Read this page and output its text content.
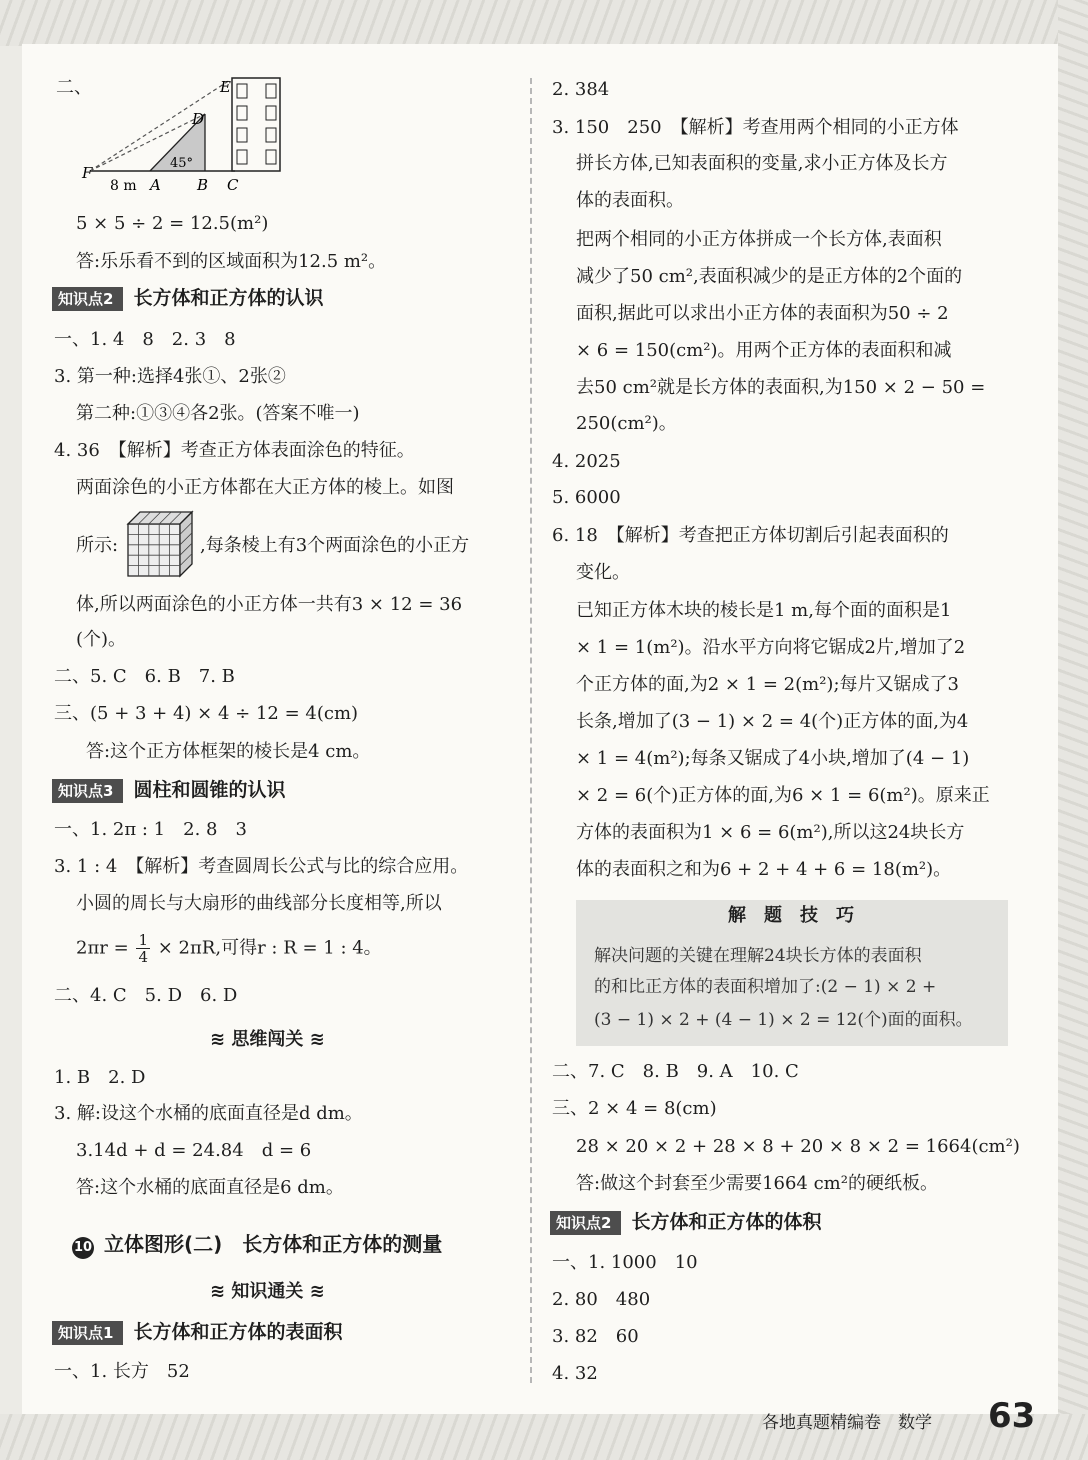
二、	E
D
F
A B C
8 m
45°
5 × 5 ÷ 2 = 12.5(m²)
答:乐乐看不到的区域面积为12.5 m²。
知识点2 长方体和正方体的认识
一、1. 4　8　2. 3　8
3. 第一种:选择4张①、2张②
第二种:①③④各2张。(答案不唯一)
4. 36　【解析】考查正方体表面涂色的特征。
两面涂色的小正方体都在大正方体的棱上。如图
所示:	,每条棱上有3个两面涂色的小正方
体,所以两面涂色的小正方体一共有3 × 12 = 36
(个)。
二、5. C　6. B　7. B
三、(5 + 3 + 4) × 4 ÷ 12 = 4(cm)
答:这个正方体框架的棱长是4 cm。
知识点3 圆柱和圆锥的认识
一、1. 2π : 1　2. 8　3
3. 1 : 4　【解析】考查圆周长公式与比的综合应用。
小圆的周长与大扇形的曲线部分长度相等,所以
$2\pi r = \frac{1}{4} \times 2\pi R$,可得r : R = 1 : 4。
二、4. C　5. D　6. D
≋ 思维闯关 ≋
1. B　2. D
3. 解:设这个水桶的底面直径是d dm。
3.14d + d = 24.84　d = 6
答:这个水桶的底面直径是6 dm。
10 立体图形(二)　长方体和正方体的测量
≋ 知识通关 ≋
知识点1 长方体和正方体的表面积
一、1. 长方　52
2. 384
3. 150　250　【解析】考查用两个相同的小正方体
拼长方体,已知表面积的变量,求小正方体及长方
体的表面积。
把两个相同的小正方体拼成一个长方体,表面积
减少了50 cm²,表面积减少的是正方体的2个面的
面积,据此可以求出小正方体的表面积为50 ÷ 2
× 6 = 150(cm²)。用两个正方体的表面积和减
去50 cm²就是长方体的表面积,为150 × 2 − 50 =
250(cm²)。
4. 2025
5. 6000
6. 18　【解析】考查把正方体切割后引起表面积的
变化。
已知正方体木块的棱长是1 m,每个面的面积是1
× 1 = 1(m²)。沿水平方向将它锯成2片,增加了2
个正方体的面,为2 × 1 = 2(m²);每片又锯成了3
长条,增加了(3 − 1) × 2 = 4(个)正方体的面,为4
× 1 = 4(m²);每条又锯成了4小块,增加了(4 − 1)
× 2 = 6(个)正方体的面,为6 × 1 = 6(m²)。原来正
方体的表面积为1 × 6 = 6(m²),所以这24块长方
体的表面积之和为6 + 2 + 4 + 6 = 18(m²)。
解　题　技　巧
解决问题的关键在理解24块长方体的表面积
的和比正方体的表面积增加了:(2 − 1) × 2 +
(3 − 1) × 2 + (4 − 1) × 2 = 12(个)面的面积。
二、7. C　8. B　9. A　10. C
三、2 × 4 = 8(cm)
28 × 20 × 2 + 28 × 8 + 20 × 8 × 2 = 1664(cm²)
答:做这个封套至少需要1664 cm²的硬纸板。
知识点2 长方体和正方体的体积
一、1. 1000　10
2. 80　480
3. 82　60
4. 32
各地真题精编卷　数学 63
